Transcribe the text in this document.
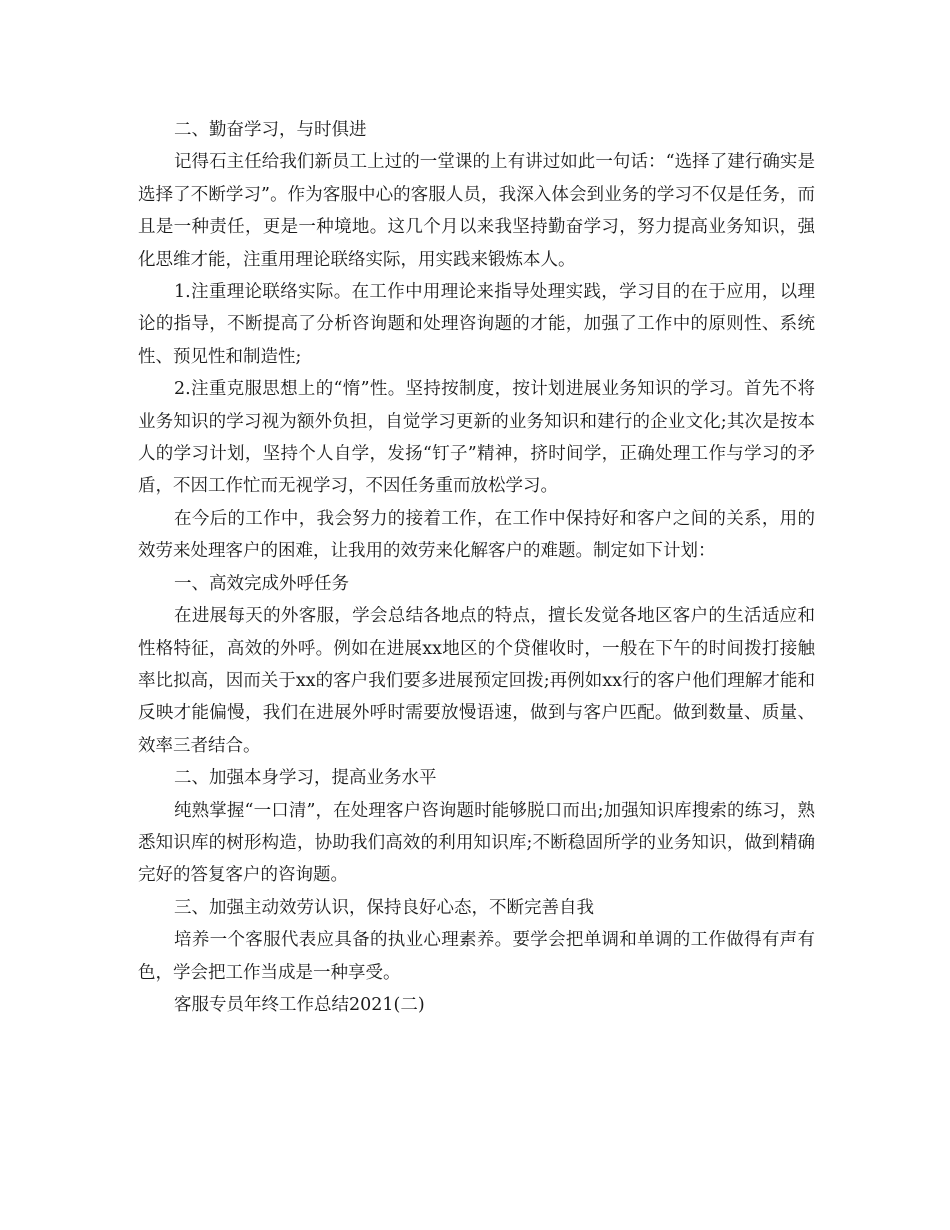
二、勤奋学习，与时俱进

记得石主任给我们新员工上过的一堂课的上有讲过如此一句话：“选择了建行确实是选择了不断学习”。作为客服中心的客服人员，我深入体会到业务的学习不仅是任务，而且是一种责任，更是一种境地。这几个月以来我坚持勤奋学习，努力提高业务知识，强化思维才能，注重用理论联络实际，用实践来锻炼本人。

1.注重理论联络实际。在工作中用理论来指导处理实践，学习目的在于应用，以理论的指导，不断提高了分析咨询题和处理咨询题的才能，加强了工作中的原则性、系统性、预见性和制造性;

2.注重克服思想上的“惰”性。坚持按制度，按计划进展业务知识的学习。首先不将业务知识的学习视为额外负担，自觉学习更新的业务知识和建行的企业文化;其次是按本人的学习计划，坚持个人自学，发扬“钉子”精神，挤时间学，正确处理工作与学习的矛盾，不因工作忙而无视学习，不因任务重而放松学习。

在今后的工作中，我会努力的接着工作，在工作中保持好和客户之间的关系，用的效劳来处理客户的困难，让我用的效劳来化解客户的难题。制定如下计划：

一、高效完成外呼任务

在进展每天的外客服，学会总结各地点的特点，擅长发觉各地区客户的生活适应和性格特征，高效的外呼。例如在进展xx地区的个贷催收时，一般在下午的时间拨打接触率比拟高，因而关于xx的客户我们要多进展预定回拨;再例如xx行的客户他们理解才能和反映才能偏慢，我们在进展外呼时需要放慢语速，做到与客户匹配。做到数量、质量、效率三者结合。

二、加强本身学习，提高业务水平

纯熟掌握“一口清”，在处理客户咨询题时能够脱口而出;加强知识库搜索的练习，熟悉知识库的树形构造，协助我们高效的利用知识库;不断稳固所学的业务知识，做到精确完好的答复客户的咨询题。

三、加强主动效劳认识，保持良好心态，不断完善自我

培养一个客服代表应具备的执业心理素养。要学会把单调和单调的工作做得有声有色，学会把工作当成是一种享受。

客服专员年终工作总结2021(二)
